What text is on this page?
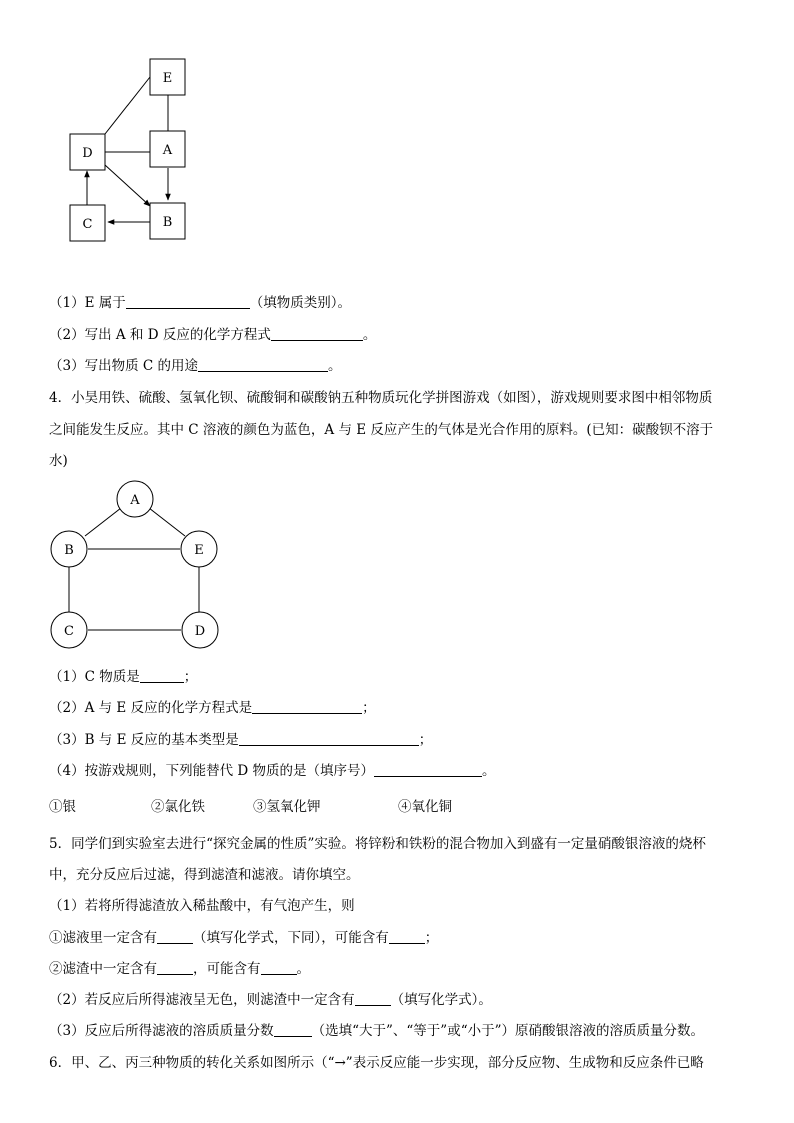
E
D	A
C	B
（1）E 属于	（填物质类别）。
（2）写出 A 和 D 反应的化学方程式	。
（3）写出物质 C 的用途	。
4．小昊用铁、硫酸、氢氧化钡、硫酸铜和碳酸钠五种物质玩化学拼图游戏（如图），游戏规则要求图中相邻物质
之间能发生反应。其中 C 溶液的颜色为蓝色，A 与 E 反应产生的气体是光合作用的原料。(已知：碳酸钡不溶于
水)
A
B	E
C	D
（1）C 物质是	；
（2）A 与 E 反应的化学方程式是	；
（3）B 与 E 反应的基本类型是	；
（4）按游戏规则，下列能替代 D 物质的是（填序号）	。
①银	②氯化铁	③氢氧化钾	④氧化铜
5．同学们到实验室去进行“探究金属的性质”实验。将锌粉和铁粉的混合物加入到盛有一定量硝酸银溶液的烧杯
中，充分反应后过滤，得到滤渣和滤液。请你填空。
（1）若将所得滤渣放入稀盐酸中，有气泡产生，则
①滤液里一定含有	（填写化学式，下同），可能含有	；
②滤渣中一定含有	，可能含有	。
（2）若反应后所得滤液呈无色，则滤渣中一定含有	（填写化学式）。
（3）反应后所得滤液的溶质质量分数	（选填“大于”、“等于”或“小于”）原硝酸银溶液的溶质质量分数。
6．甲、乙、丙三种物质的转化关系如图所示（“→”表示反应能一步实现，部分反应物、生成物和反应条件已略
